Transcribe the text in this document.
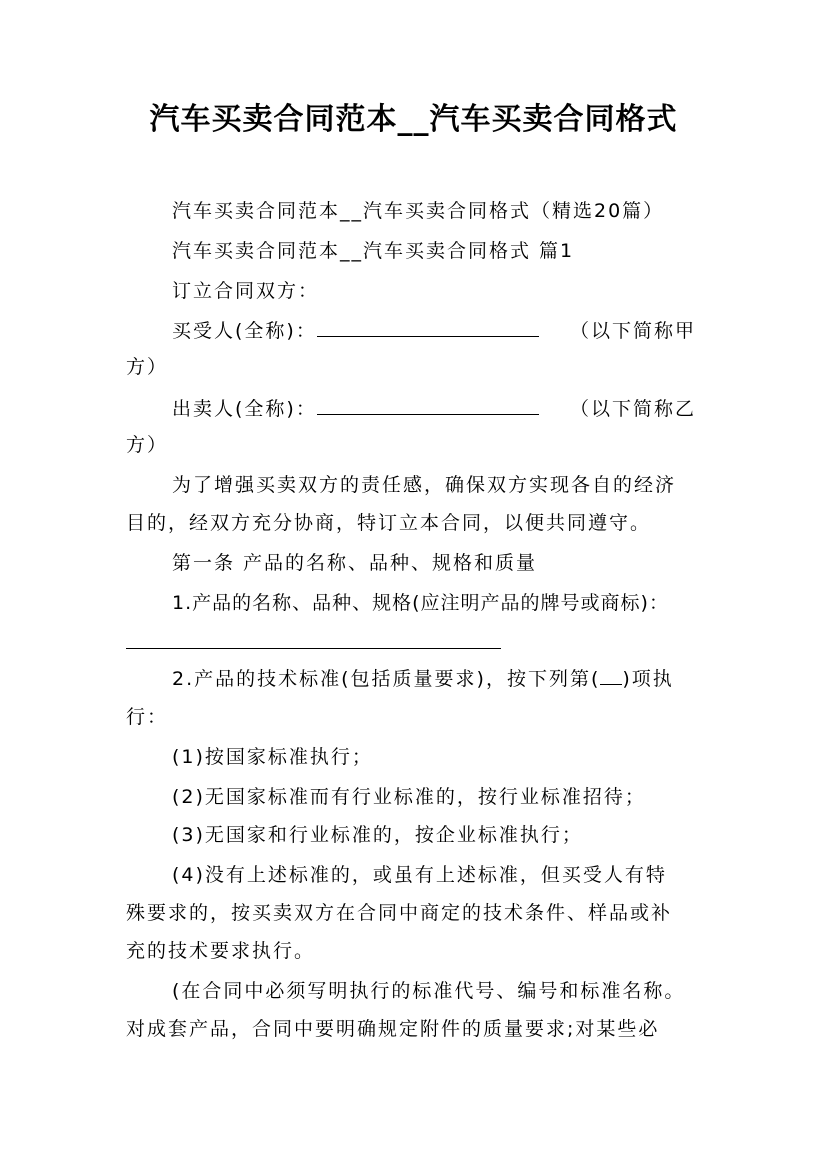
汽车买卖合同范本__汽车买卖合同格式
汽车买卖合同范本__汽车买卖合同格式（精选20篇）
汽车买卖合同范本__汽车买卖合同格式 篇1
订立合同双方：
买受人(全称)：	（以下简称甲
方）
出卖人(全称)：	（以下简称乙
方）
为了增强买卖双方的责任感，确保双方实现各自的经济
目的，经双方充分协商，特订立本合同，以便共同遵守。
第一条 产品的名称、品种、规格和质量
1.产品的名称、品种、规格(应注明产品的牌号或商标)：
2.产品的技术标准(包括质量要求)，按下列第( )项执
行：
(1)按国家标准执行；
(2)无国家标准而有行业标准的，按行业标准招待；
(3)无国家和行业标准的，按企业标准执行；
(4)没有上述标准的，或虽有上述标准，但买受人有特
殊要求的，按买卖双方在合同中商定的技术条件、样品或补
充的技术要求执行。
(在合同中必须写明执行的标准代号、编号和标准名称。
对成套产品，合同中要明确规定附件的质量要求;对某些必
